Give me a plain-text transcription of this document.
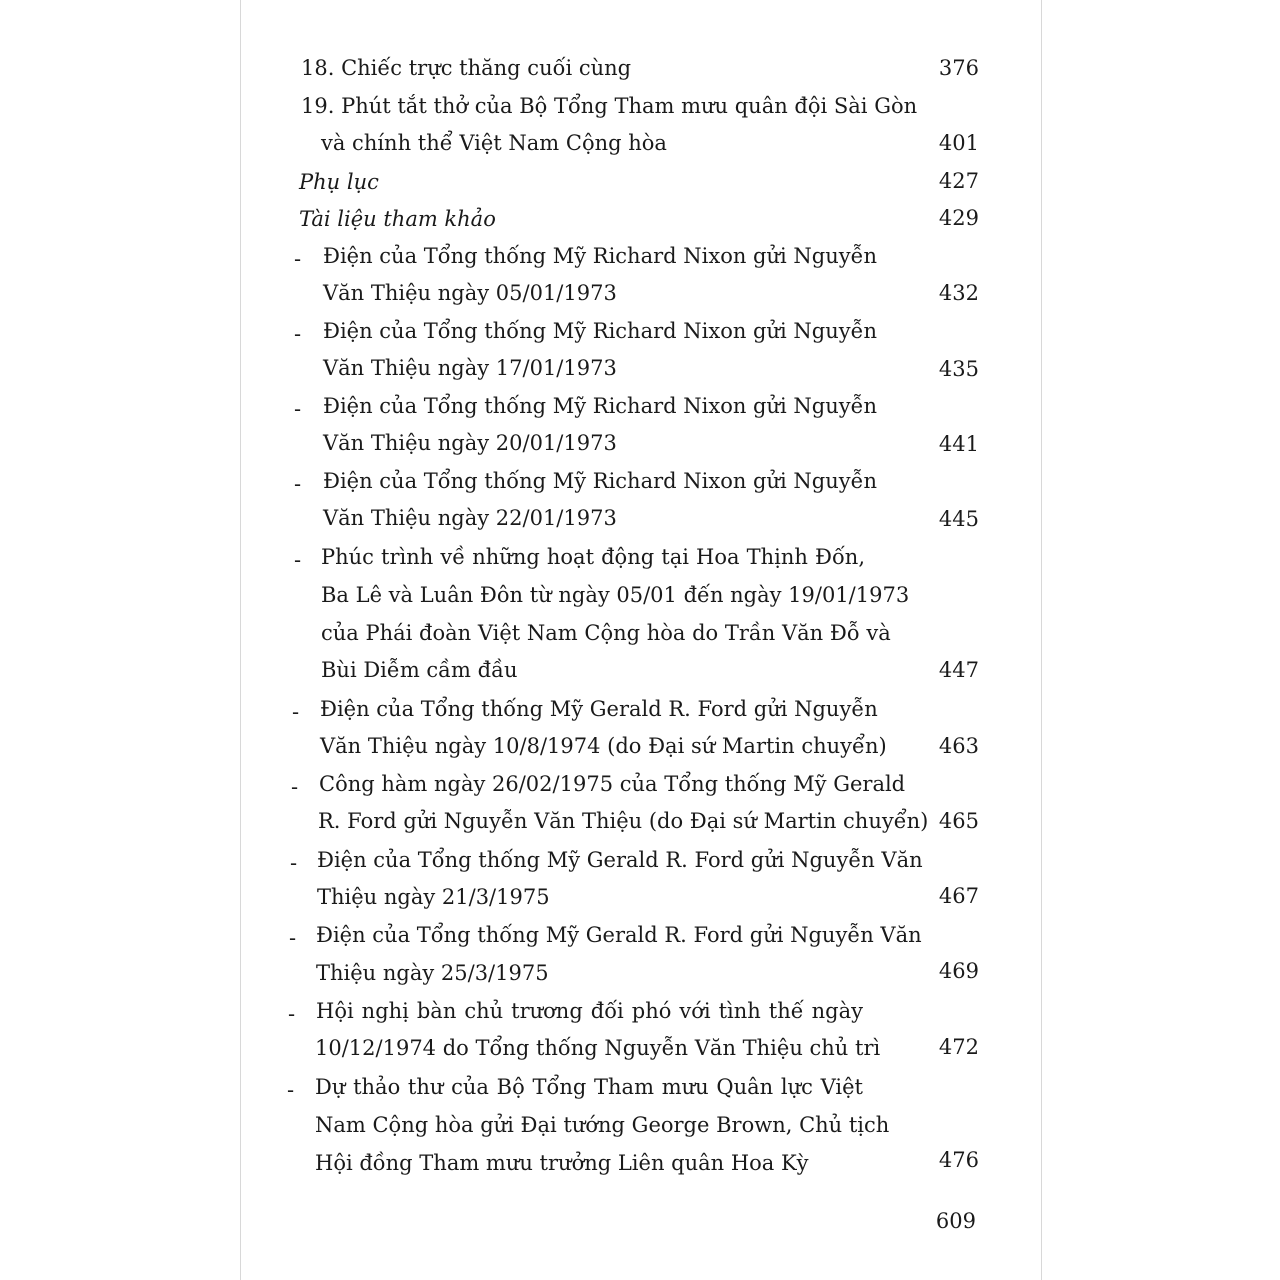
18. Chiếc trực thăng cuối cùng	376
19. Phút tắt thở của Bộ Tổng Tham mưu quân đội Sài Gòn
và chính thể Việt Nam Cộng hòa	401
Phụ lục	427
Tài liệu tham khảo	429
- Điện của Tổng thống Mỹ Richard Nixon gửi Nguyễn
Văn Thiệu ngày 05/01/1973	432
- Điện của Tổng thống Mỹ Richard Nixon gửi Nguyễn
Văn Thiệu ngày 17/01/1973	435
- Điện của Tổng thống Mỹ Richard Nixon gửi Nguyễn
Văn Thiệu ngày 20/01/1973	441
- Điện của Tổng thống Mỹ Richard Nixon gửi Nguyễn
Văn Thiệu ngày 22/01/1973	445
- Phúc trình về những hoạt động tại Hoa Thịnh Đốn,
Ba Lê và Luân Đôn từ ngày 05/01 đến ngày 19/01/1973
của Phái đoàn Việt Nam Cộng hòa do Trần Văn Đỗ và
Bùi Diễm cầm đầu	447
- Điện của Tổng thống Mỹ Gerald R. Ford gửi Nguyễn
Văn Thiệu ngày 10/8/1974 (do Đại sứ Martin chuyển) 463
- Công hàm ngày 26/02/1975 của Tổng thống Mỹ Gerald
R. Ford gửi Nguyễn Văn Thiệu (do Đại sứ Martin chuyển) 465
- Điện của Tổng thống Mỹ Gerald R. Ford gửi Nguyễn Văn
Thiệu ngày 21/3/1975	467
- Điện của Tổng thống Mỹ Gerald R. Ford gửi Nguyễn Văn
Thiệu ngày 25/3/1975	469
- Hội nghị bàn chủ trương đối phó với tình thế ngày
10/12/1974 do Tổng thống Nguyễn Văn Thiệu chủ trì	472
- Dự thảo thư của Bộ Tổng Tham mưu Quân lực Việt
Nam Cộng hòa gửi Đại tướng George Brown, Chủ tịch
Hội đồng Tham mưu trưởng Liên quân Hoa Kỳ	476
609
